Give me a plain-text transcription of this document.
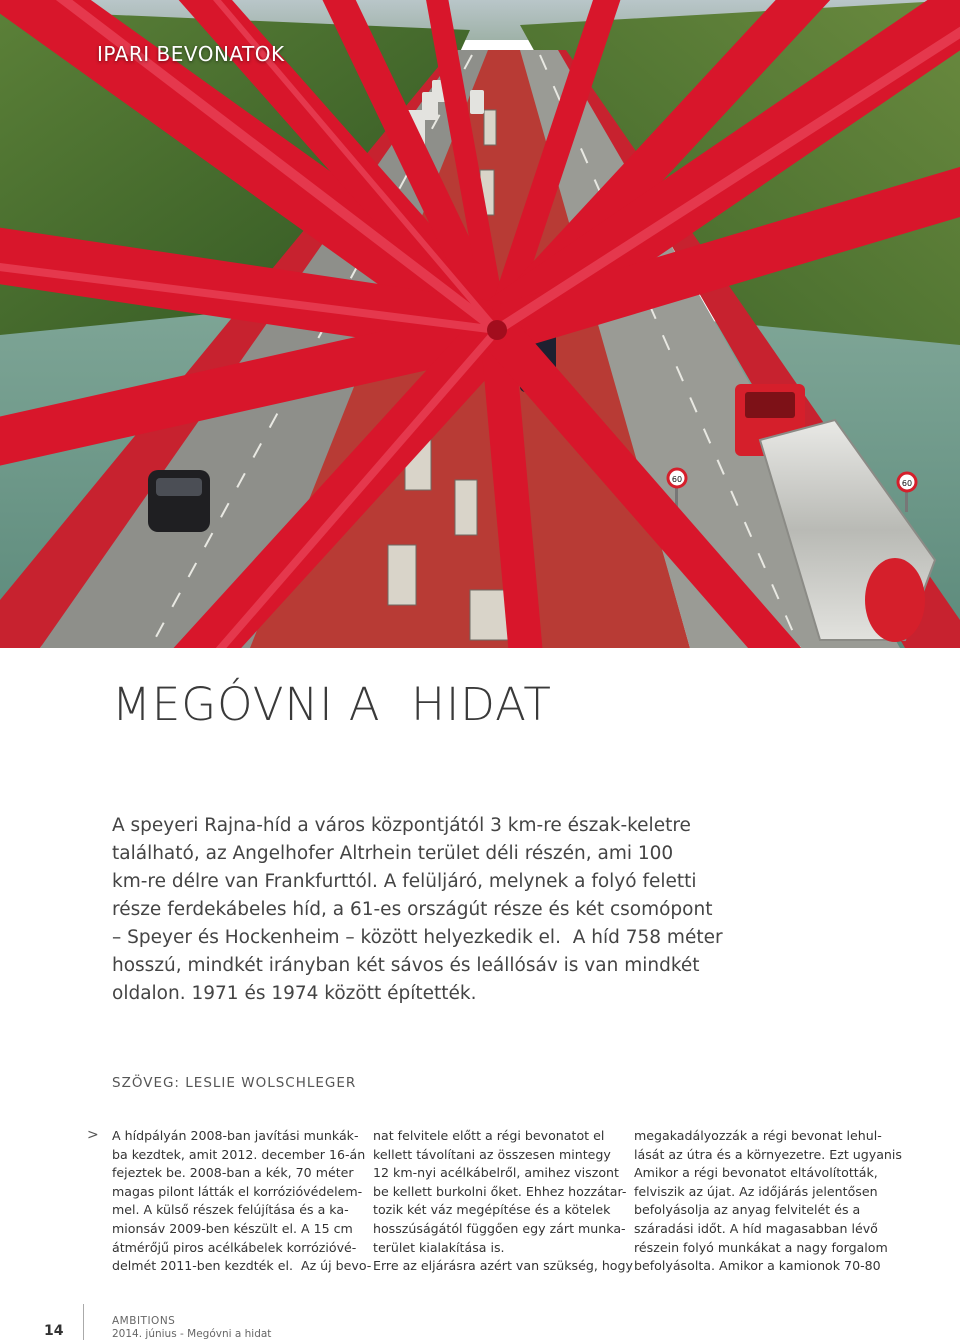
60	60
IPARI BEVONATOK
MEGÓVNI A  HIDAT

A speyeri Rajna-híd a város központjától 3 km-re észak-keletre
található, az Angelhofer Altrhein terület déli részén, ami 100
km-re délre van Frankfurttól. A felüljáró, melynek a folyó feletti
része ferdekábeles híd, a 61-es országút része és két csomópont
– Speyer és Hockenheim – között helyezkedik el.  A híd 758 méter
hosszú, mindkét irányban két sávos és leállósáv is van mindkét
oldalon. 1971 és 1974 között építették.

SZÖVEG: LESLIE WOLSCHLEGER
> A hídpályán 2008-ban javítási munkák-
ba kezdtek, amit 2012. december 16-án
fejeztek be. 2008-ban a kék, 70 méter
magas pilont látták el korrózióvédelem-
mel. A külső részek felújítása és a ka-
mionsáv 2009-ben készült el. A 15 cm
átmérőjű piros acélkábelek korrózióvé-
delmét 2011-ben kezdték el.  Az új bevo-
nat felvitele előtt a régi bevonatot el
kellett távolítani az összesen mintegy
12 km-nyi acélkábelről, amihez viszont
be kellett burkolni őket. Ehhez hozzátar-
tozik két váz megépítése és a kötelek
hosszúságától függően egy zárt munka-
terület kialakítása is.
Erre az eljárásra azért van szükség, hogy
megakadályozzák a régi bevonat lehul-
lását az útra és a környezetre. Ezt ugyanis
Amikor a régi bevonatot eltávolították,
felviszik az újat. Az időjárás jelentősen
befolyásolja az anyag felvitelét és a
száradási időt. A híd magasabban lévő
részein folyó munkákat a nagy forgalom
befolyásolta. Amikor a kamionok 70-80
14
AMBITIONS
2014. június - Megóvni a hidat
